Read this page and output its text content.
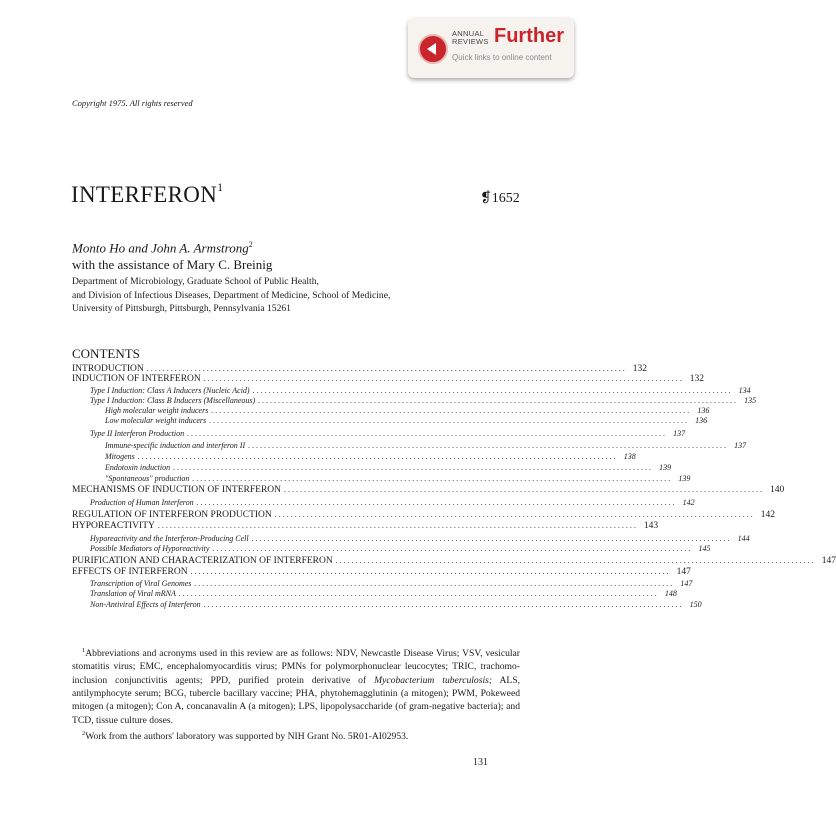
ANNUAL
REVIEWS Further
Quick links to online content
Copyright 1975. All rights reserved
INTERFERON$^1$
❡1652
Monto Ho and John A. Armstrong$^2$
with the assistance of Mary C. Breinig
Department of Microbiology, Graduate School of Public Health,
and Division of Infectious Diseases, Department of Medicine, School of Medicine,
University of Pittsburgh, Pittsburgh, Pennsylvania 15261
CONTENTS
INTRODUCTION ........................................................................................................................ 132
INDUCTION OF INTERFERON ........................................................................................................................ 132
Type I Induction: Class A Inducers (Nucleic Acid) ........................................................................................................................ 134
Type I Induction: Class B Inducers (Miscellaneous) ........................................................................................................................ 135
High molecular weight inducers ........................................................................................................................ 136
Low molecular weight inducers ........................................................................................................................ 136
Type II Interferon Production ........................................................................................................................ 137
Immune-specific induction and interferon II ........................................................................................................................ 137
Mitogens ........................................................................................................................ 138
Endotoxin induction ........................................................................................................................ 139
"Spontaneous" production ........................................................................................................................ 139
MECHANISMS OF INDUCTION OF INTERFERON ........................................................................................................................ 140
Production of Human Interferon ........................................................................................................................ 142
REGULATION OF INTERFERON PRODUCTION ........................................................................................................................ 142
HYPOREACTIVITY ........................................................................................................................ 143
Hyporeactivity and the Interferon-Producing Cell ........................................................................................................................ 144
Possible Mediators of Hyporeactivity ........................................................................................................................ 145
PURIFICATION AND CHARACTERIZATION OF INTERFERON ........................................................................................................................ 147
EFFECTS OF INTERFERON ........................................................................................................................ 147
Transcription of Viral Genomes ........................................................................................................................ 147
Translation of Viral mRNA ........................................................................................................................ 148
Non-Antiviral Effects of Interferon ........................................................................................................................ 150

$^1$Abbreviations and acronyms used in this review are as follows: NDV, Newcastle Disease Virus; VSV, vesicular stomatitis virus; EMC, encephalomyocarditis virus; PMNs for polymorphonuclear leucocytes; TRIC, trachomo-inclusion conjunctivitis agents; PPD, purified protein derivative of Mycobacterium tuberculosis; ALS, antilymphocyte serum; BCG, tubercle bacillary vaccine; PHA, phytohemagglutinin (a mitogen); PWM, Pokeweed mitogen (a mitogen); Con A, concanavalin A (a mitogen); LPS, lipopolysaccharide (of gram-negative bacteria); and TCD, tissue culture doses.

$^2$Work from the authors' laboratory was supported by NIH Grant No. 5R01-AI02953.

131
